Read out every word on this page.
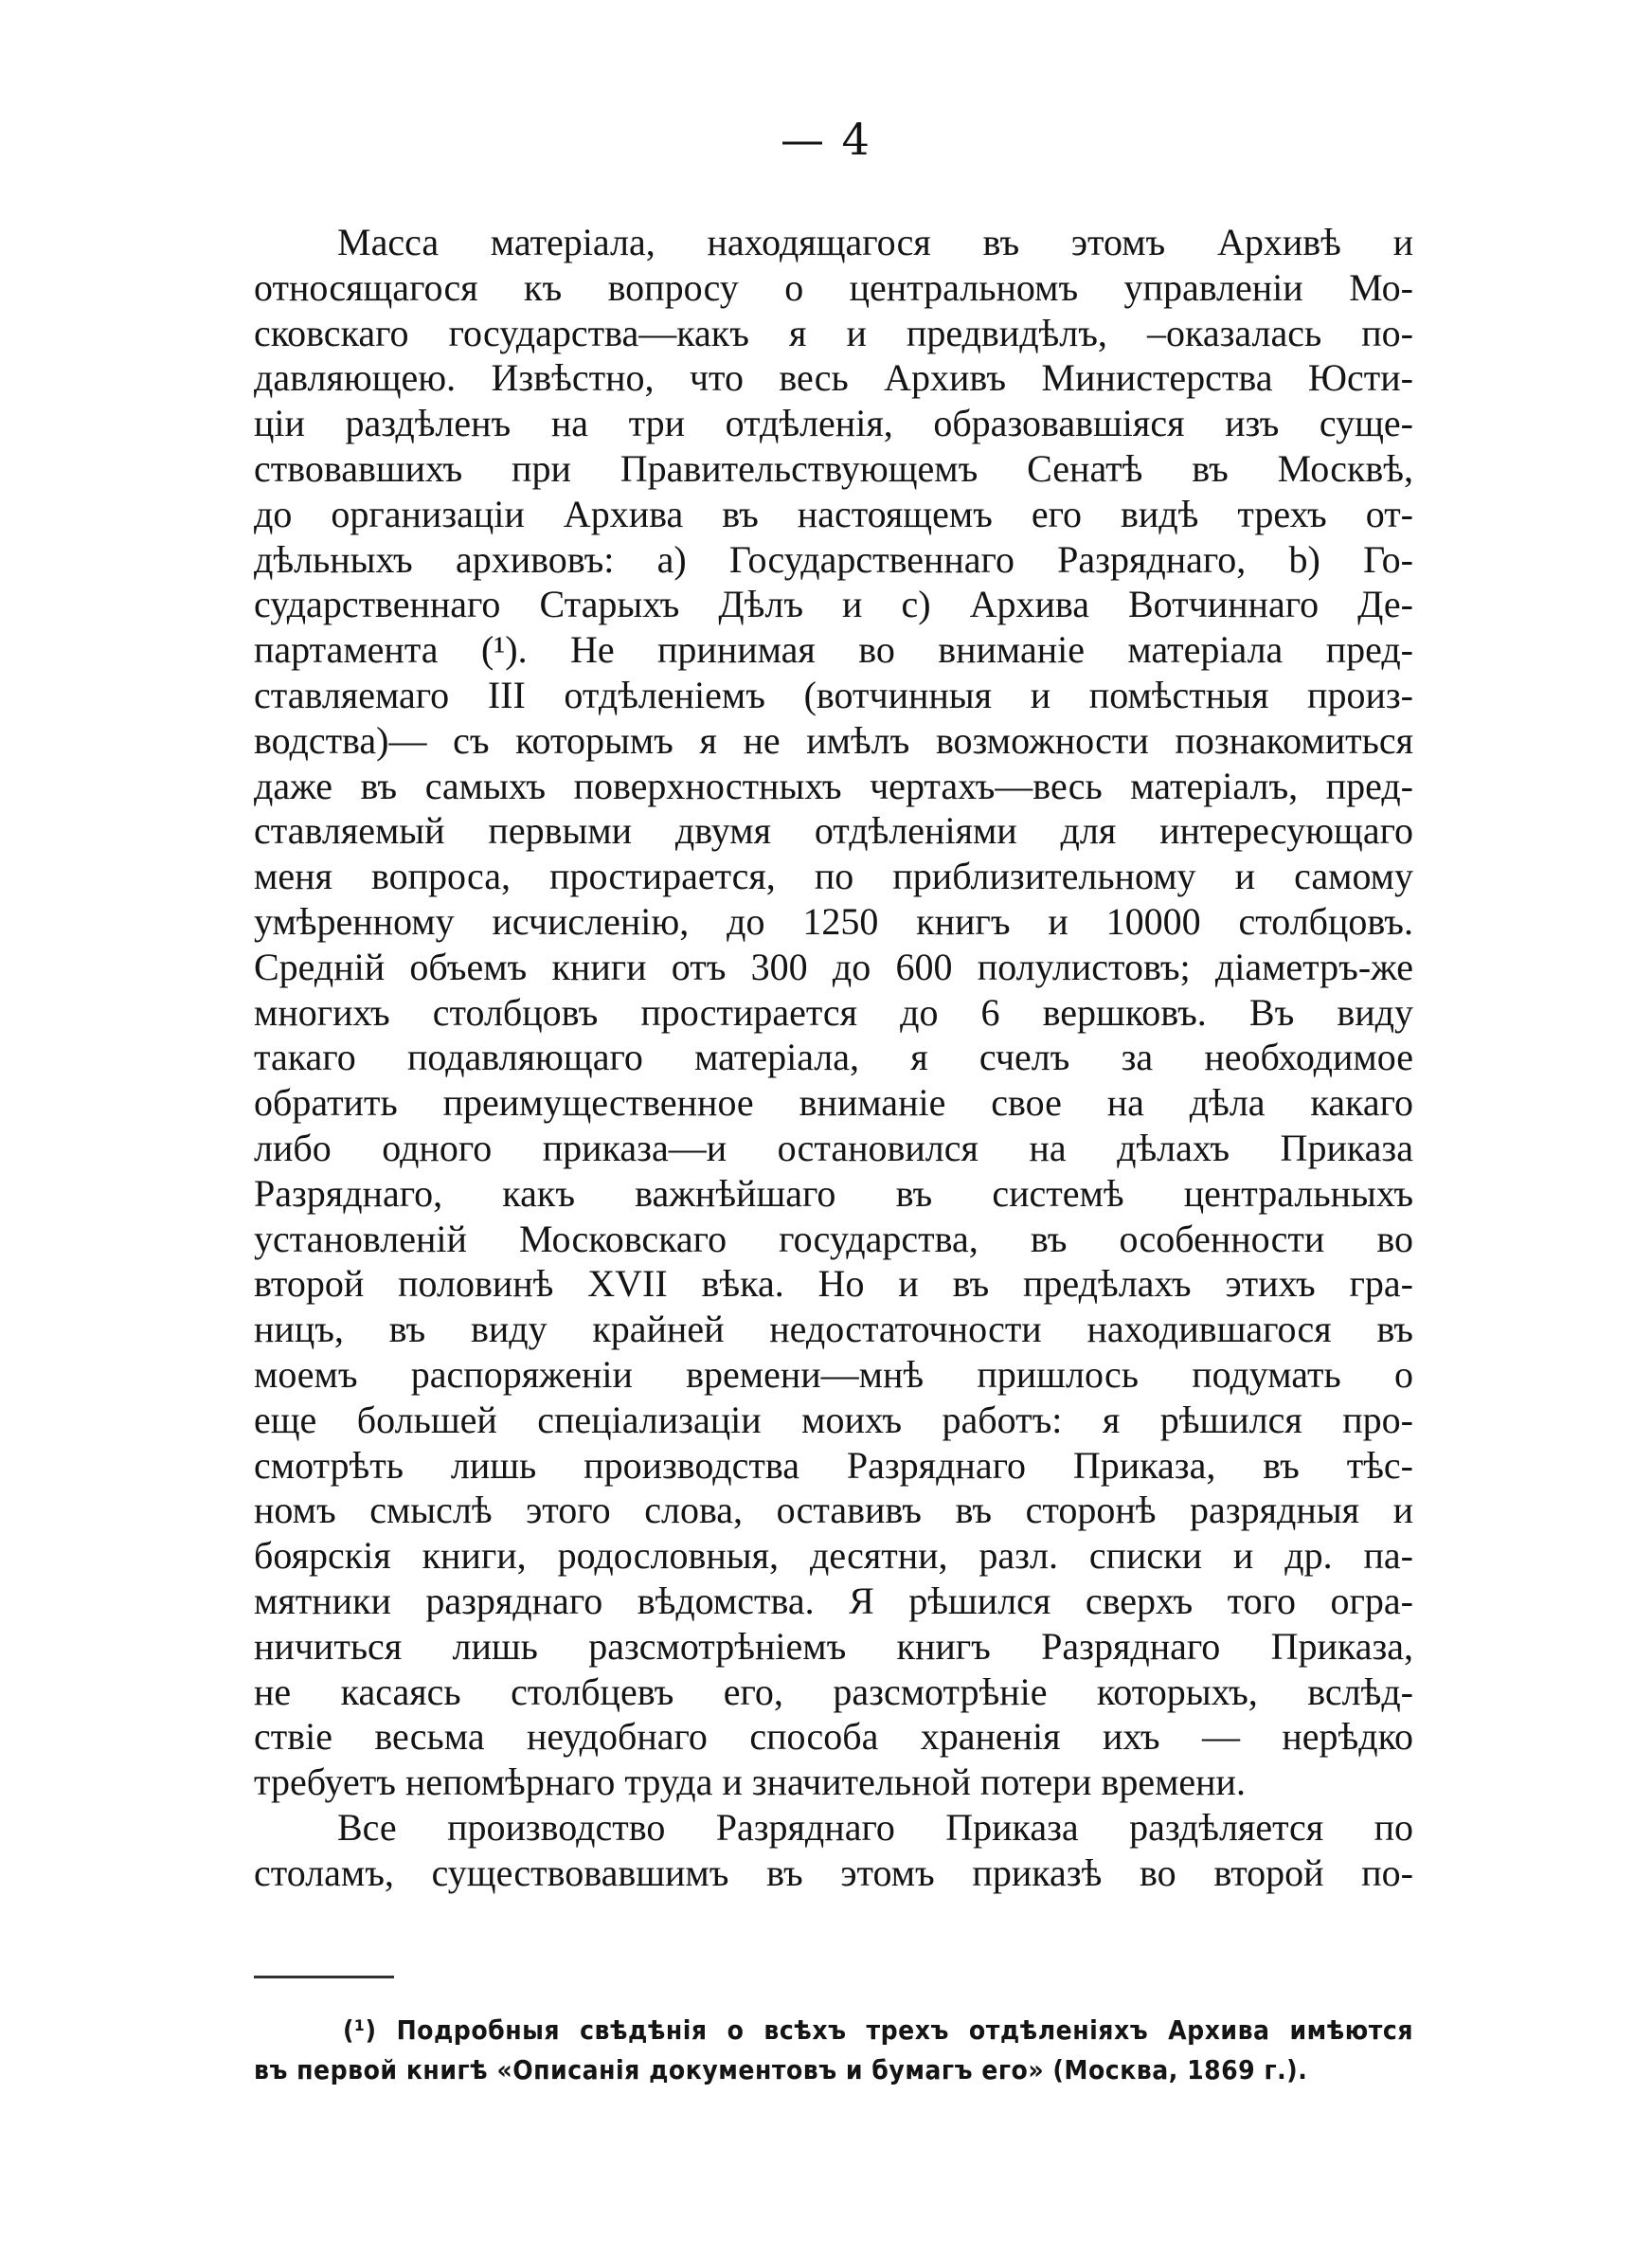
— 4
Масса матеріала, находящагося въ этомъ Архивѣ и
относящагося къ вопросу о центральномъ управленіи Мо-
сковскаго государства—какъ я и предвидѣлъ, –оказалась по-
давляющею. Извѣстно, что весь Архивъ Министерства Юсти-
ціи раздѣленъ на три отдѣленія, образовавшіяся изъ суще-
ствовавшихъ при Правительствующемъ Сенатѣ въ Москвѣ,
до организаціи Архива въ настоящемъ его видѣ трехъ от-
дѣльныхъ архивовъ: a) Государственнаго Разряднаго, b) Го-
сударственнаго Старыхъ Дѣлъ и c) Архива Вотчиннаго Де-
партамента (¹). Не принимая во вниманіе матеріала пред-
ставляемаго III отдѣленіемъ (вотчинныя и помѣстныя произ-
водства)— съ которымъ я не имѣлъ возможности познакомиться
даже въ самыхъ поверхностныхъ чертахъ—весь матеріалъ, пред-
ставляемый первыми двумя отдѣленіями для интересующаго
меня вопроса, простирается, по приблизительному и самому
умѣренному исчисленію, до 1250 книгъ и 10000 столбцовъ.
Средній объемъ книги отъ 300 до 600 полулистовъ; діаметръ-же
многихъ столбцовъ простирается до 6 вершковъ. Въ виду
такаго подавляющаго матеріала, я счелъ за необходимое
обратить преимущественное вниманіе свое на дѣла какаго
либо одного приказа—и остановился на дѣлахъ Приказа
Разряднаго, какъ важнѣйшаго въ системѣ центральныхъ
установленій Московскаго государства, въ особенности во
второй половинѣ XVII вѣка. Но и въ предѣлахъ этихъ гра-
ницъ, въ виду крайней недостаточности находившагося въ
моемъ распоряженіи времени—мнѣ пришлось подумать о
еще большей спеціализаціи моихъ работъ: я рѣшился про-
смотрѣть лишь производства Разряднаго Приказа, въ тѣс-
номъ смыслѣ этого слова, оставивъ въ сторонѣ разрядныя и
боярскія книги, родословныя, десятни, разл. списки и др. па-
мятники разряднаго вѣдомства. Я рѣшился сверхъ того огра-
ничиться лишь разсмотрѣніемъ книгъ Разряднаго Приказа,
не касаясь столбцевъ его, разсмотрѣніе которыхъ, вслѣд-
ствіе весьма неудобнаго способа храненія ихъ — нерѣдко
требуетъ непомѣрнаго труда и значительной потери времени.
Все производство Разряднаго Приказа раздѣляется по
столамъ, существовавшимъ въ этомъ приказѣ во второй по-
(¹) Подробныя свѣдѣнія о всѣхъ трехъ отдѣленіяхъ Архива имѣются
въ первой книгѣ «Описанія документовъ и бумагъ его» (Москва, 1869 г.).
